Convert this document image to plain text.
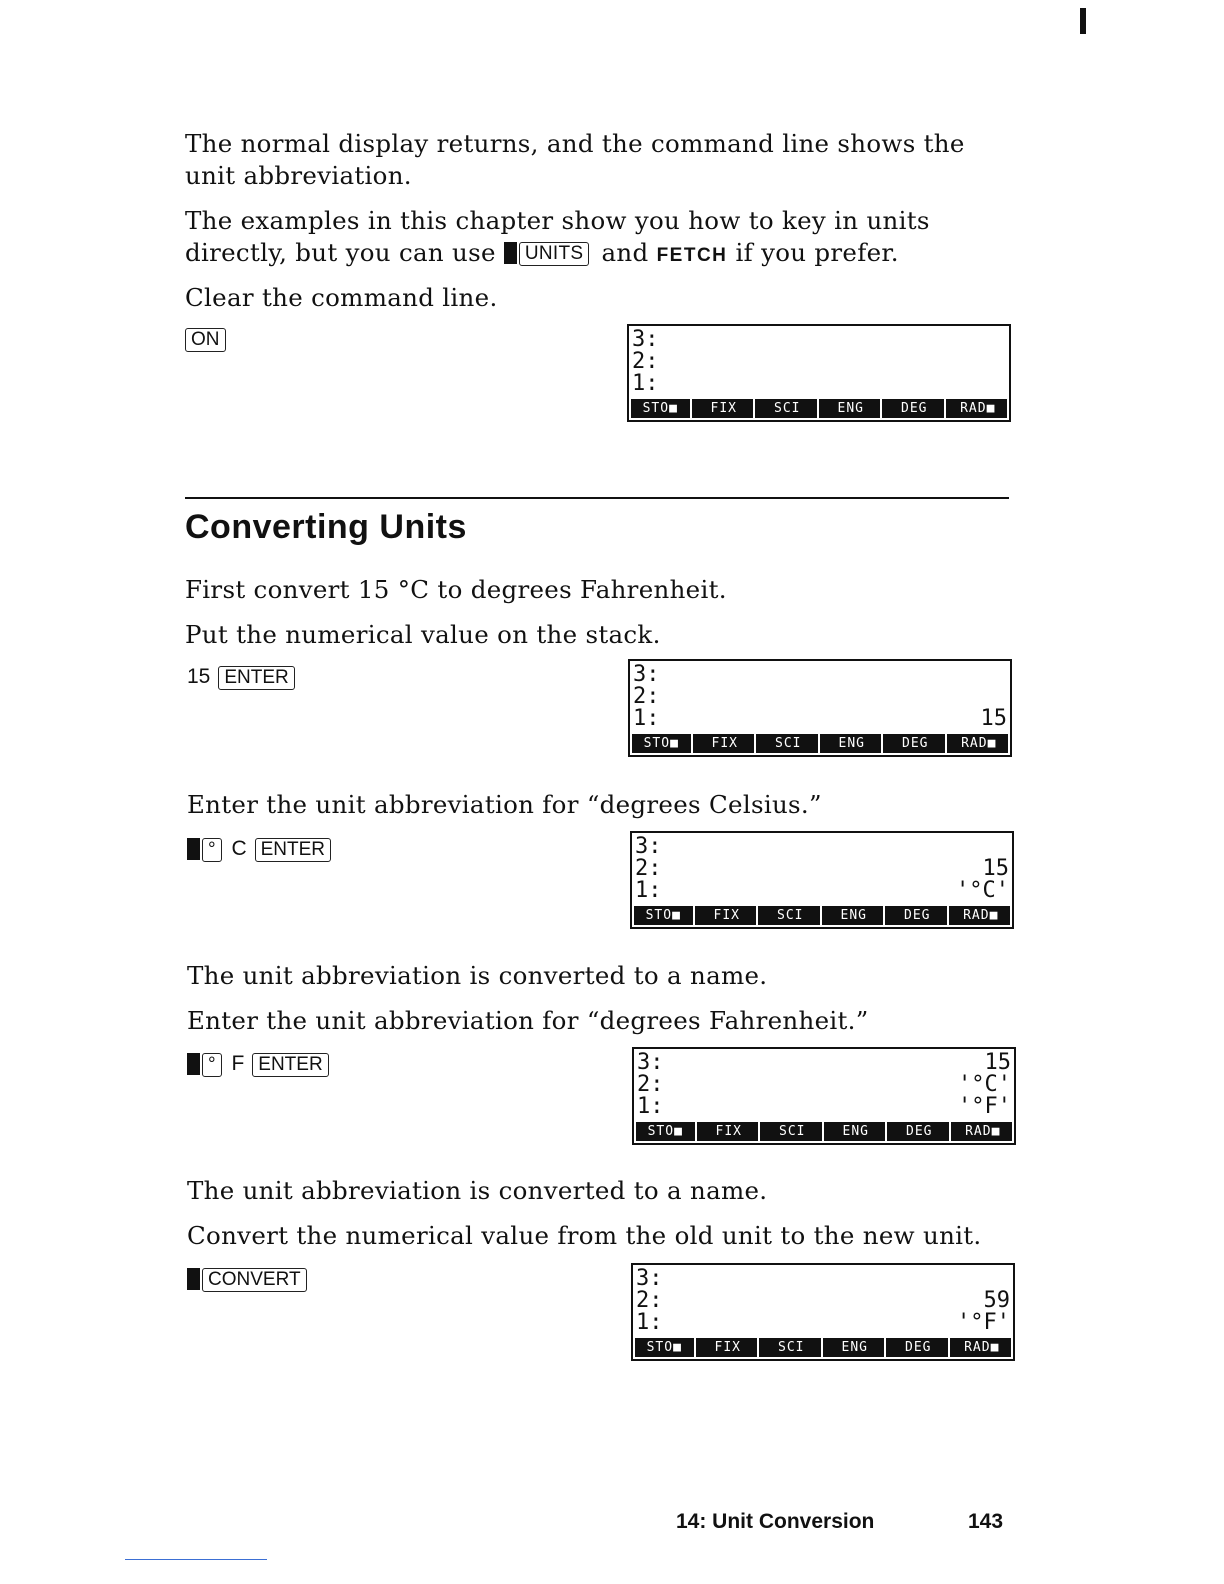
The normal display returns, and the command line shows the unit abbreviation.

The examples in this chapter show you how to key in units directly, but you can use UNITS and FETCH if you prefer.

Clear the command line.

ON	3:
2:
1:
STO■	FIX	SCI	ENG	DEG	RAD■
Converting Units

First convert 15 °C to degrees Fahrenheit.

Put the numerical value on the stack.

15 ENTER	3:
2:
1:	15
STO■	FIX	SCI	ENG	DEG	RAD■

Enter the unit abbreviation for “degrees Celsius.”

° C ENTER	3:
2:	15
1:	'°C'
STO■	FIX	SCI	ENG	DEG	RAD■

The unit abbreviation is converted to a name.

Enter the unit abbreviation for “degrees Fahrenheit.”

° F ENTER	3:	15
2:	'°C'
1:	'°F'
STO■	FIX	SCI	ENG	DEG	RAD■

The unit abbreviation is converted to a name.

Convert the numerical value from the old unit to the new unit.

CONVERT	3:
2:	59
1:	'°F'
STO■	FIX	SCI	ENG	DEG	RAD■
14: Unit Conversion	143
